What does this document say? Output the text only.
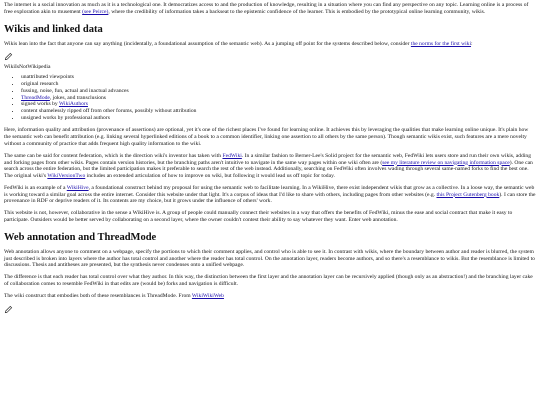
The internet is a social innovation as much as it is a technological one. It democratizes access to and the production of knowledge, resulting in a situation where you can find any perspective on any topic. Learning online is a process of free exploration akin to musement (see Peirce), where the credibility of information takes a backseat to the epistemic confidence of the learner. This is embodied by the prototypical online learning community, wikis.

Wikis and linked data

Wikis lean into the fact that anyone can say anything (incidentally, a foundational assumption of the semantic web). As a jumping off point for the systems described below, consider the norms for the first wiki:

WikiIsNotWikipedia

• unattributed viewpoints
• original research
• fussing, noise, fun, actual and inactual advances
• ThreadMode, jokes, and transclusions
• signed works by WikiAuthors
• content shamelessly ripped off from other forums, possibly without attribution
• unsigned works by professional authors

Here, information quality and attribution (provenance of assertions) are optional, yet it's one of the richest places I've found for learning online. It achieves this by leveraging the qualities that make learning online unique. It's plain how the semantic web can benefit attribution (e.g. linking several hyperlinked editions of a book to a common identifier, linking one assertion to all others by the same person). Though semantic wikis exist, such features are a mere novelty without a community of practice that adds frequent high quality information to the wiki.

The same can be said for content federation, which is the direction wiki's inventor has taken with FedWiki. In a similar fashion to Berner-Lee's Solid project for the semantic web, FedWiki lets users store and run their own wikis, adding and forking pages from other wikis. Pages contain version histories, but the branching paths aren't intuitive to navigate in the same way pages within one wiki often are (see my literature review on navigating information space). One can search across the entire federation, but the limited participation makes it preferable to search the rest of the web instead. Additionally, searching on FedWiki often involves wading through several same-named forks to find the best one. The original wiki's WikiVersionTwo includes an extended articulation of how to improve on wiki, but following it would lead us off topic for today.

FedWiki is an example of a WikiHive, a foundational construct behind my proposal for using the semantic web to facilitate learning. In a WikiHive, there exist independent wikis that grow as a collective. In a loose way, the semantic web is working toward a similar goal across the entire internet. Consider this website under that light. It's a corpus of ideas that I'd like to share with others, including pages from other websites (e.g. this Project Gutenberg book). I can store the provenance in RDF or deprive readers of it. Its contents are my choice, but it grows under the influence of others' work.

This website is not, however, collaborative in the sense a WikiHive is. A group of people could manually connect their websites in a way that offers the benefits of FedWiki, minus the ease and social contract that make it easy to participate. Outsiders would be better served by collaborating on a second layer, where the owner couldn't contest their ability to say whatever they want. Enter web annotation.

Web annotation and ThreadMode

Web annotation allows anyone to comment on a webpage, specify the portions to which their comment applies, and control who is able to see it. In contrast with wikis, where the boundary between author and reader is blurred, the system just described is broken into layers where the author has total control and another where the reader has total control. On the annotation layer, readers become authors, and so there's a resemblance to wikis. But the resemblance is limited to discussions. Thesis and antitheses are presented, but the synthesis never condenses onto a unified webpage.

The difference is that each reader has total control over what they author. In this way, the distinction between the first layer and the annotation layer can be recursively applied (though only as an abstraction!) and the branching layer cake of collaboration comes to resemble FedWiki in that edits are (would be) forks and navigation is difficult.

The wiki construct that embodies both of these resemblances is ThreadMode. From WikiWikiWeb
